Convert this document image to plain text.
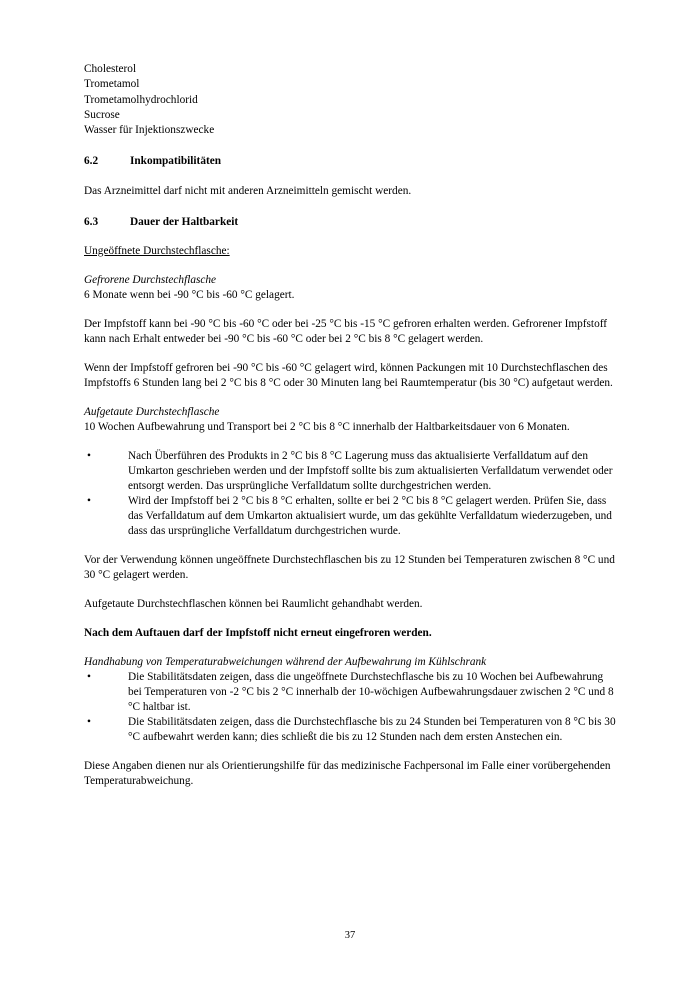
Cholesterol

Trometamol

Trometamolhydrochlorid

Sucrose

Wasser für Injektionszwecke

6.2	Inkompatibilitäten

Das Arzneimittel darf nicht mit anderen Arzneimitteln gemischt werden.

6.3	Dauer der Haltbarkeit

Ungeöffnete Durchstechflasche:

Gefrorene Durchstechflasche

6 Monate wenn bei -90 °C bis -60 °C gelagert.

Der Impfstoff kann bei -90 °C bis -60 °C oder bei -25 °C bis -15 °C gefroren erhalten werden. Gefrorener Impfstoff kann nach Erhalt entweder bei -90 °C bis -60 °C oder bei 2 °C bis 8 °C gelagert werden.

Wenn der Impfstoff gefroren bei -90 °C bis -60 °C gelagert wird, können Packungen mit 10 Durchstechflaschen des Impfstoffs 6 Stunden lang bei 2 °C bis 8 °C oder 30 Minuten lang bei Raumtemperatur (bis 30 °C) aufgetaut werden.

Aufgetaute Durchstechflasche

10 Wochen Aufbewahrung und Transport bei 2 °C bis 8 °C innerhalb der Haltbarkeitsdauer von 6 Monaten.

•	Nach Überführen des Produkts in 2 °C bis 8 °C Lagerung muss das aktualisierte Verfalldatum auf den Umkarton geschrieben werden und der Impfstoff sollte bis zum aktualisierten Verfalldatum verwendet oder entsorgt werden. Das ursprüngliche Verfalldatum sollte durchgestrichen werden.
•	Wird der Impfstoff bei 2 °C bis 8 °C erhalten, sollte er bei 2 °C bis 8 °C gelagert werden. Prüfen Sie, dass das Verfalldatum auf dem Umkarton aktualisiert wurde, um das gekühlte Verfalldatum wiederzugeben, und dass das ursprüngliche Verfalldatum durchgestrichen wurde.

Vor der Verwendung können ungeöffnete Durchstechflaschen bis zu 12 Stunden bei Temperaturen zwischen 8 °C und 30 °C gelagert werden.

Aufgetaute Durchstechflaschen können bei Raumlicht gehandhabt werden.

Nach dem Auftauen darf der Impfstoff nicht erneut eingefroren werden.

Handhabung von Temperaturabweichungen während der Aufbewahrung im Kühlschrank

•	Die Stabilitätsdaten zeigen, dass die ungeöffnete Durchstechflasche bis zu 10 Wochen bei Aufbewahrung bei Temperaturen von -2 °C bis 2 °C innerhalb der 10-wöchigen Aufbewahrungsdauer zwischen 2 °C und 8 °C haltbar ist.
•	Die Stabilitätsdaten zeigen, dass die Durchstechflasche bis zu 24 Stunden bei Temperaturen von 8 °C bis 30 °C aufbewahrt werden kann; dies schließt die bis zu 12 Stunden nach dem ersten Anstechen ein.

Diese Angaben dienen nur als Orientierungshilfe für das medizinische Fachpersonal im Falle einer vorübergehenden Temperaturabweichung.

37
